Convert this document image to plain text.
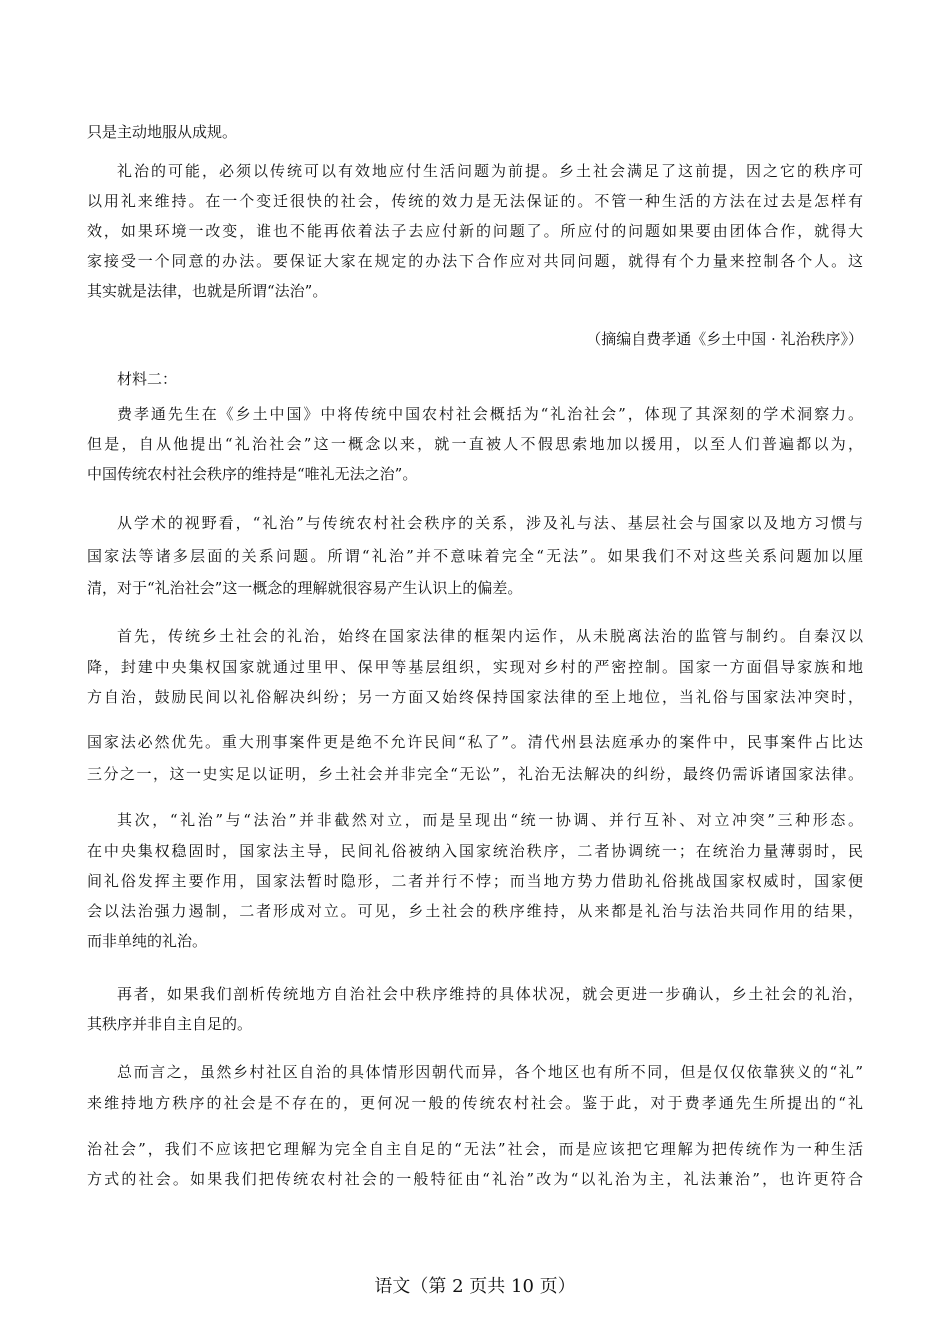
只是主动地服从成规。
礼治的可能，必须以传统可以有效地应付生活问题为前提。乡土社会满足了这前提，因之它的秩序可
以用礼来维持。在一个变迁很快的社会，传统的效力是无法保证的。不管一种生活的方法在过去是怎样有
效，如果环境一改变，谁也不能再依着法子去应付新的问题了。所应付的问题如果要由团体合作，就得大
家接受一个同意的办法。要保证大家在规定的办法下合作应对共同问题，就得有个力量来控制各个人。这
其实就是法律，也就是所谓“法治”。
（摘编自费孝通《乡土中国 · 礼治秩序》）
材料二：
费孝通先生在《乡土中国》中将传统中国农村社会概括为“礼治社会”，体现了其深刻的学术洞察力。
但是，自从他提出“礼治社会”这一概念以来，就一直被人不假思索地加以援用，以至人们普遍都以为，
中国传统农村社会秩序的维持是“唯礼无法之治”。
从学术的视野看，“礼治”与传统农村社会秩序的关系，涉及礼与法、基层社会与国家以及地方习惯与
国家法等诸多层面的关系问题。所谓“礼治”并不意味着完全“无法”。如果我们不对这些关系问题加以厘
清，对于“礼治社会”这一概念的理解就很容易产生认识上的偏差。
首先，传统乡土社会的礼治，始终在国家法律的框架内运作，从未脱离法治的监管与制约。自秦汉以
降，封建中央集权国家就通过里甲、保甲等基层组织，实现对乡村的严密控制。国家一方面倡导家族和地
方自治，鼓励民间以礼俗解决纠纷；另一方面又始终保持国家法律的至上地位，当礼俗与国家法冲突时，
国家法必然优先。重大刑事案件更是绝不允许民间“私了”。清代州县法庭承办的案件中，民事案件占比达
三分之一，这一史实足以证明，乡土社会并非完全“无讼”，礼治无法解决的纠纷，最终仍需诉诸国家法律。
其次，“礼治”与“法治”并非截然对立，而是呈现出“统一协调、并行互补、对立冲突”三种形态。
在中央集权稳固时，国家法主导，民间礼俗被纳入国家统治秩序，二者协调统一；在统治力量薄弱时，民
间礼俗发挥主要作用，国家法暂时隐形，二者并行不悖；而当地方势力借助礼俗挑战国家权威时，国家便
会以法治强力遏制，二者形成对立。可见，乡土社会的秩序维持，从来都是礼治与法治共同作用的结果，
而非单纯的礼治。
再者，如果我们剖析传统地方自治社会中秩序维持的具体状况，就会更进一步确认，乡土社会的礼治，
其秩序并非自主自足的。
总而言之，虽然乡村社区自治的具体情形因朝代而异，各个地区也有所不同，但是仅仅依靠狭义的“礼”
来维持地方秩序的社会是不存在的，更何况一般的传统农村社会。鉴于此，对于费孝通先生所提出的“礼
治社会”，我们不应该把它理解为完全自主自足的“无法”社会，而是应该把它理解为把传统作为一种生活
方式的社会。如果我们把传统农村社会的一般特征由“礼治”改为“以礼治为主，礼法兼治”，也许更符合
语文（第 2 页共 10 页）
